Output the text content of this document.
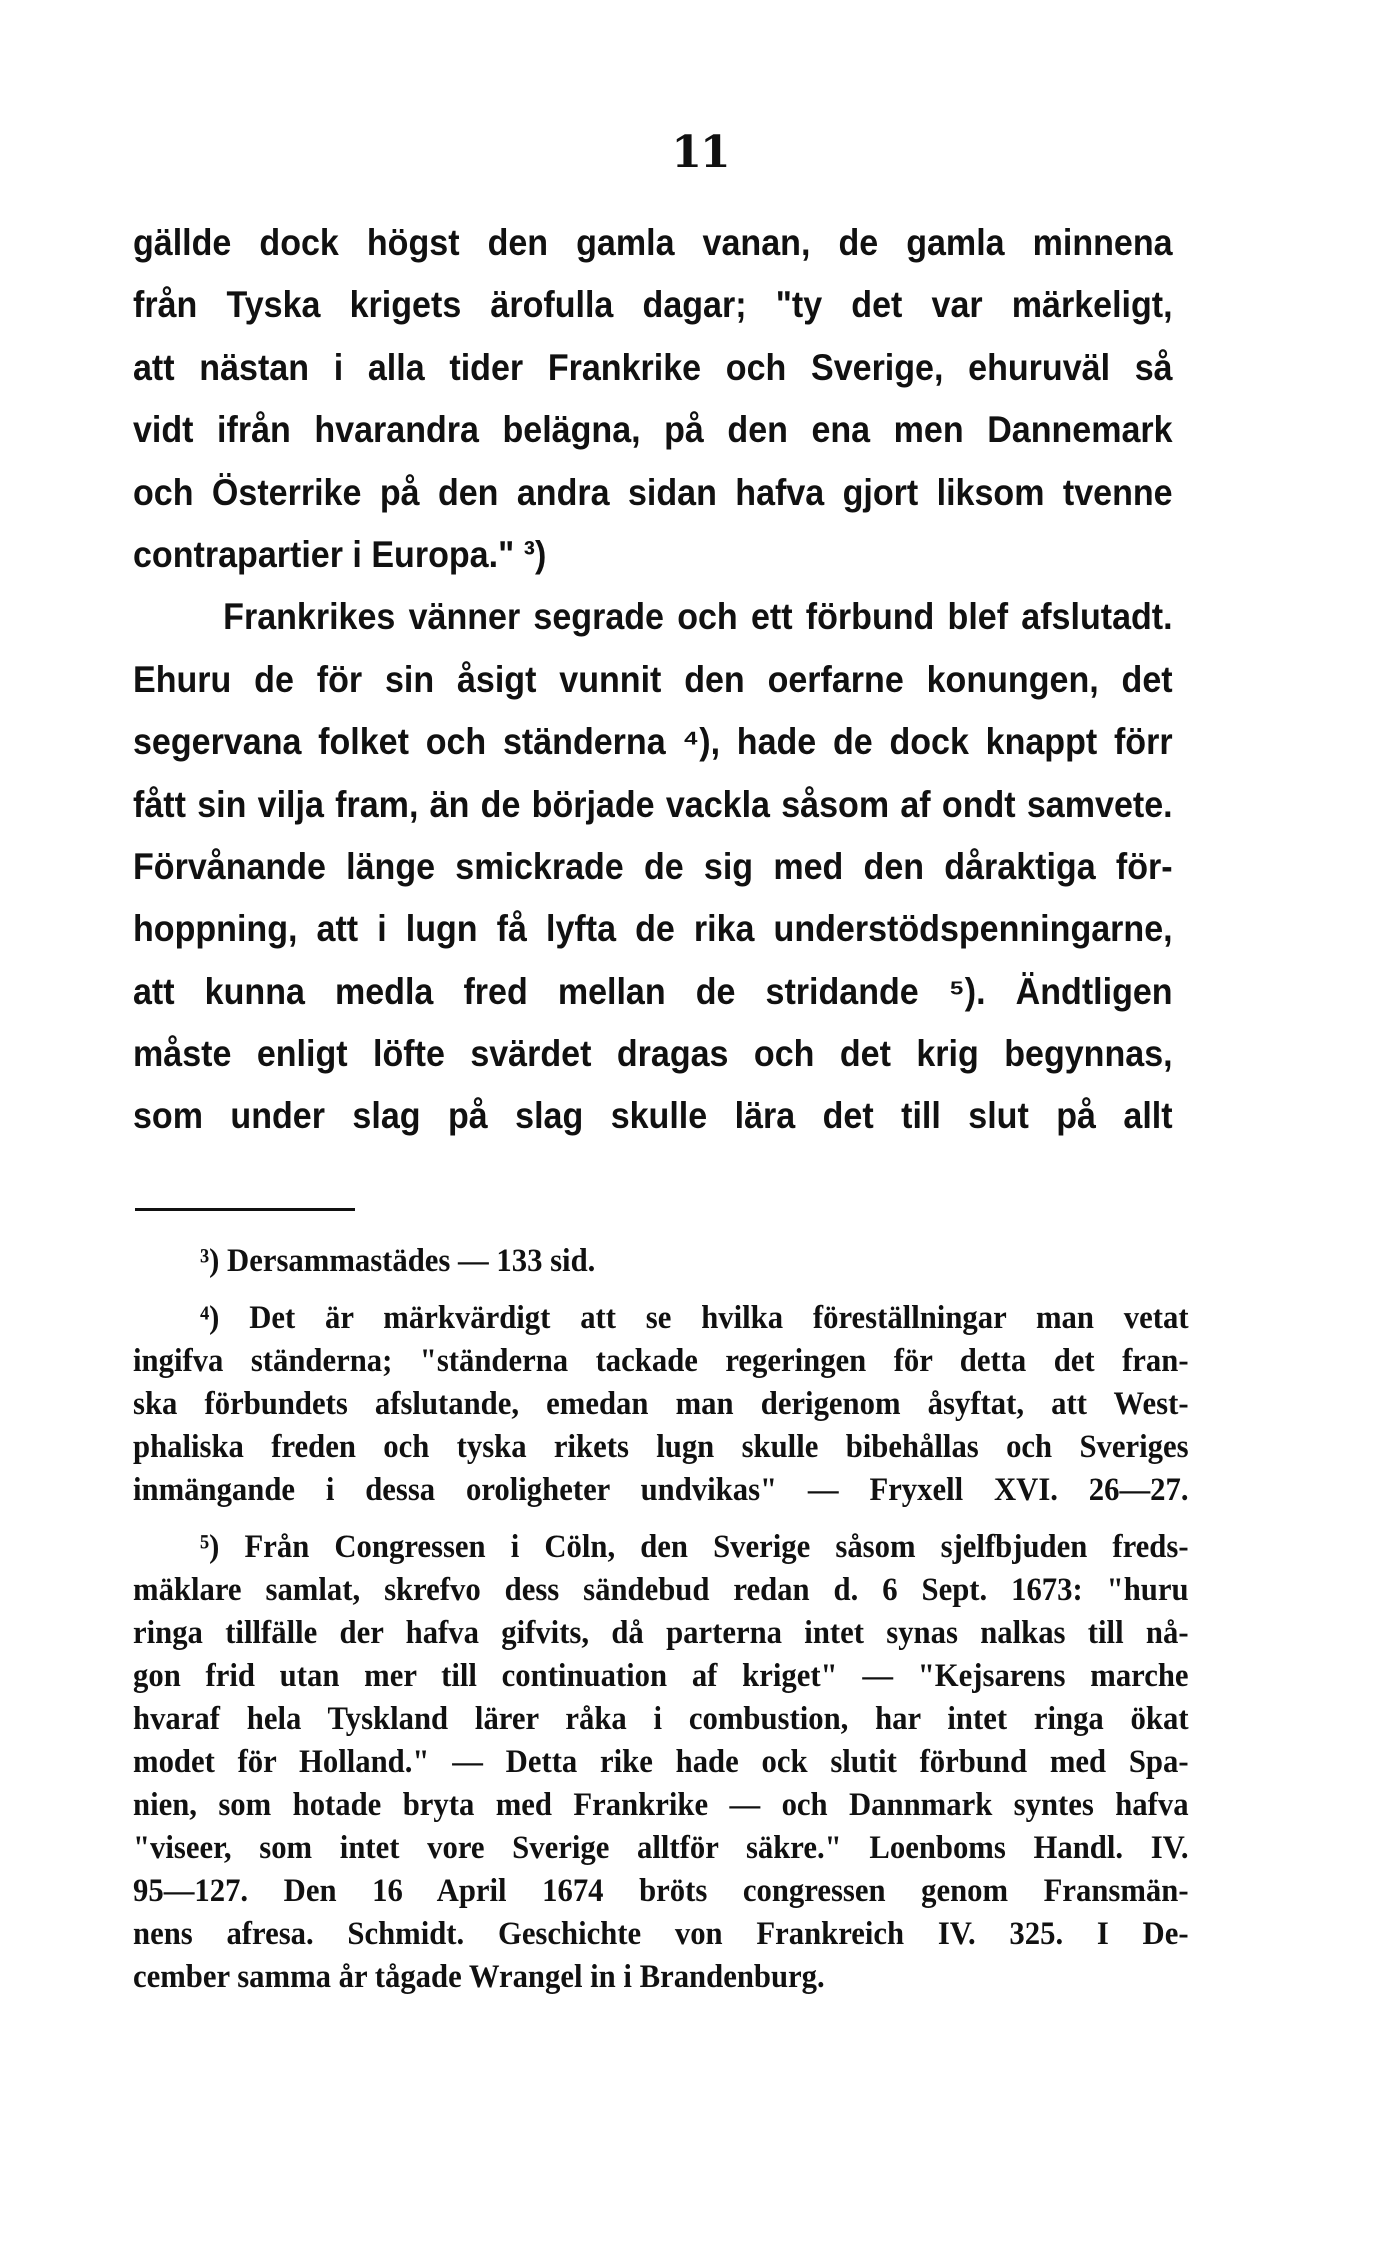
11
gällde dock högst den gamla vanan, de gamla minnena
från Tyska krigets ärofulla dagar; "ty det var märkeligt,
att nästan i alla tider Frankrike och Sverige, ehuruväl så
vidt ifrån hvarandra belägna, på den ena men Dannemark
och Österrike på den andra sidan hafva gjort liksom tvenne
contrapartier i Europa." ³)
Frankrikes vänner segrade och ett förbund blef afslutadt.
Ehuru de för sin åsigt vunnit den oerfarne konungen, det
segervana folket och ständerna ⁴), hade de dock knappt förr
fått sin vilja fram, än de började vackla såsom af ondt samvete.
Förvånande länge smickrade de sig med den dåraktiga för-
hoppning, att i lugn få lyfta de rika understödspenningarne,
att kunna medla fred mellan de stridande ⁵). Ändtligen
måste enligt löfte svärdet dragas och det krig begynnas,
som under slag på slag skulle lära det till slut på allt
³) Dersammastädes — 133 sid.
⁴) Det är märkvärdigt att se hvilka föreställningar man vetat
ingifva ständerna; "ständerna tackade regeringen för detta det fran-
ska förbundets afslutande, emedan man derigenom åsyftat, att West-
phaliska freden och tyska rikets lugn skulle bibehållas och Sveriges
inmängande i dessa oroligheter undvikas" — Fryxell XVI. 26—27.
⁵) Från Congressen i Cöln, den Sverige såsom sjelfbjuden freds-
mäklare samlat, skrefvo dess sändebud redan d. 6 Sept. 1673: "huru
ringa tillfälle der hafva gifvits, då parterna intet synas nalkas till nå-
gon frid utan mer till continuation af kriget" — "Kejsarens marche
hvaraf hela Tyskland lärer råka i combustion, har intet ringa ökat
modet för Holland." — Detta rike hade ock slutit förbund med Spa-
nien, som hotade bryta med Frankrike — och Dannmark syntes hafva
"viseer, som intet vore Sverige alltför säkre." Loenboms Handl. IV.
95—127. Den 16 April 1674 bröts congressen genom Fransmän-
nens afresa. Schmidt. Geschichte von Frankreich IV. 325. I De-
cember samma år tågade Wrangel in i Brandenburg.
